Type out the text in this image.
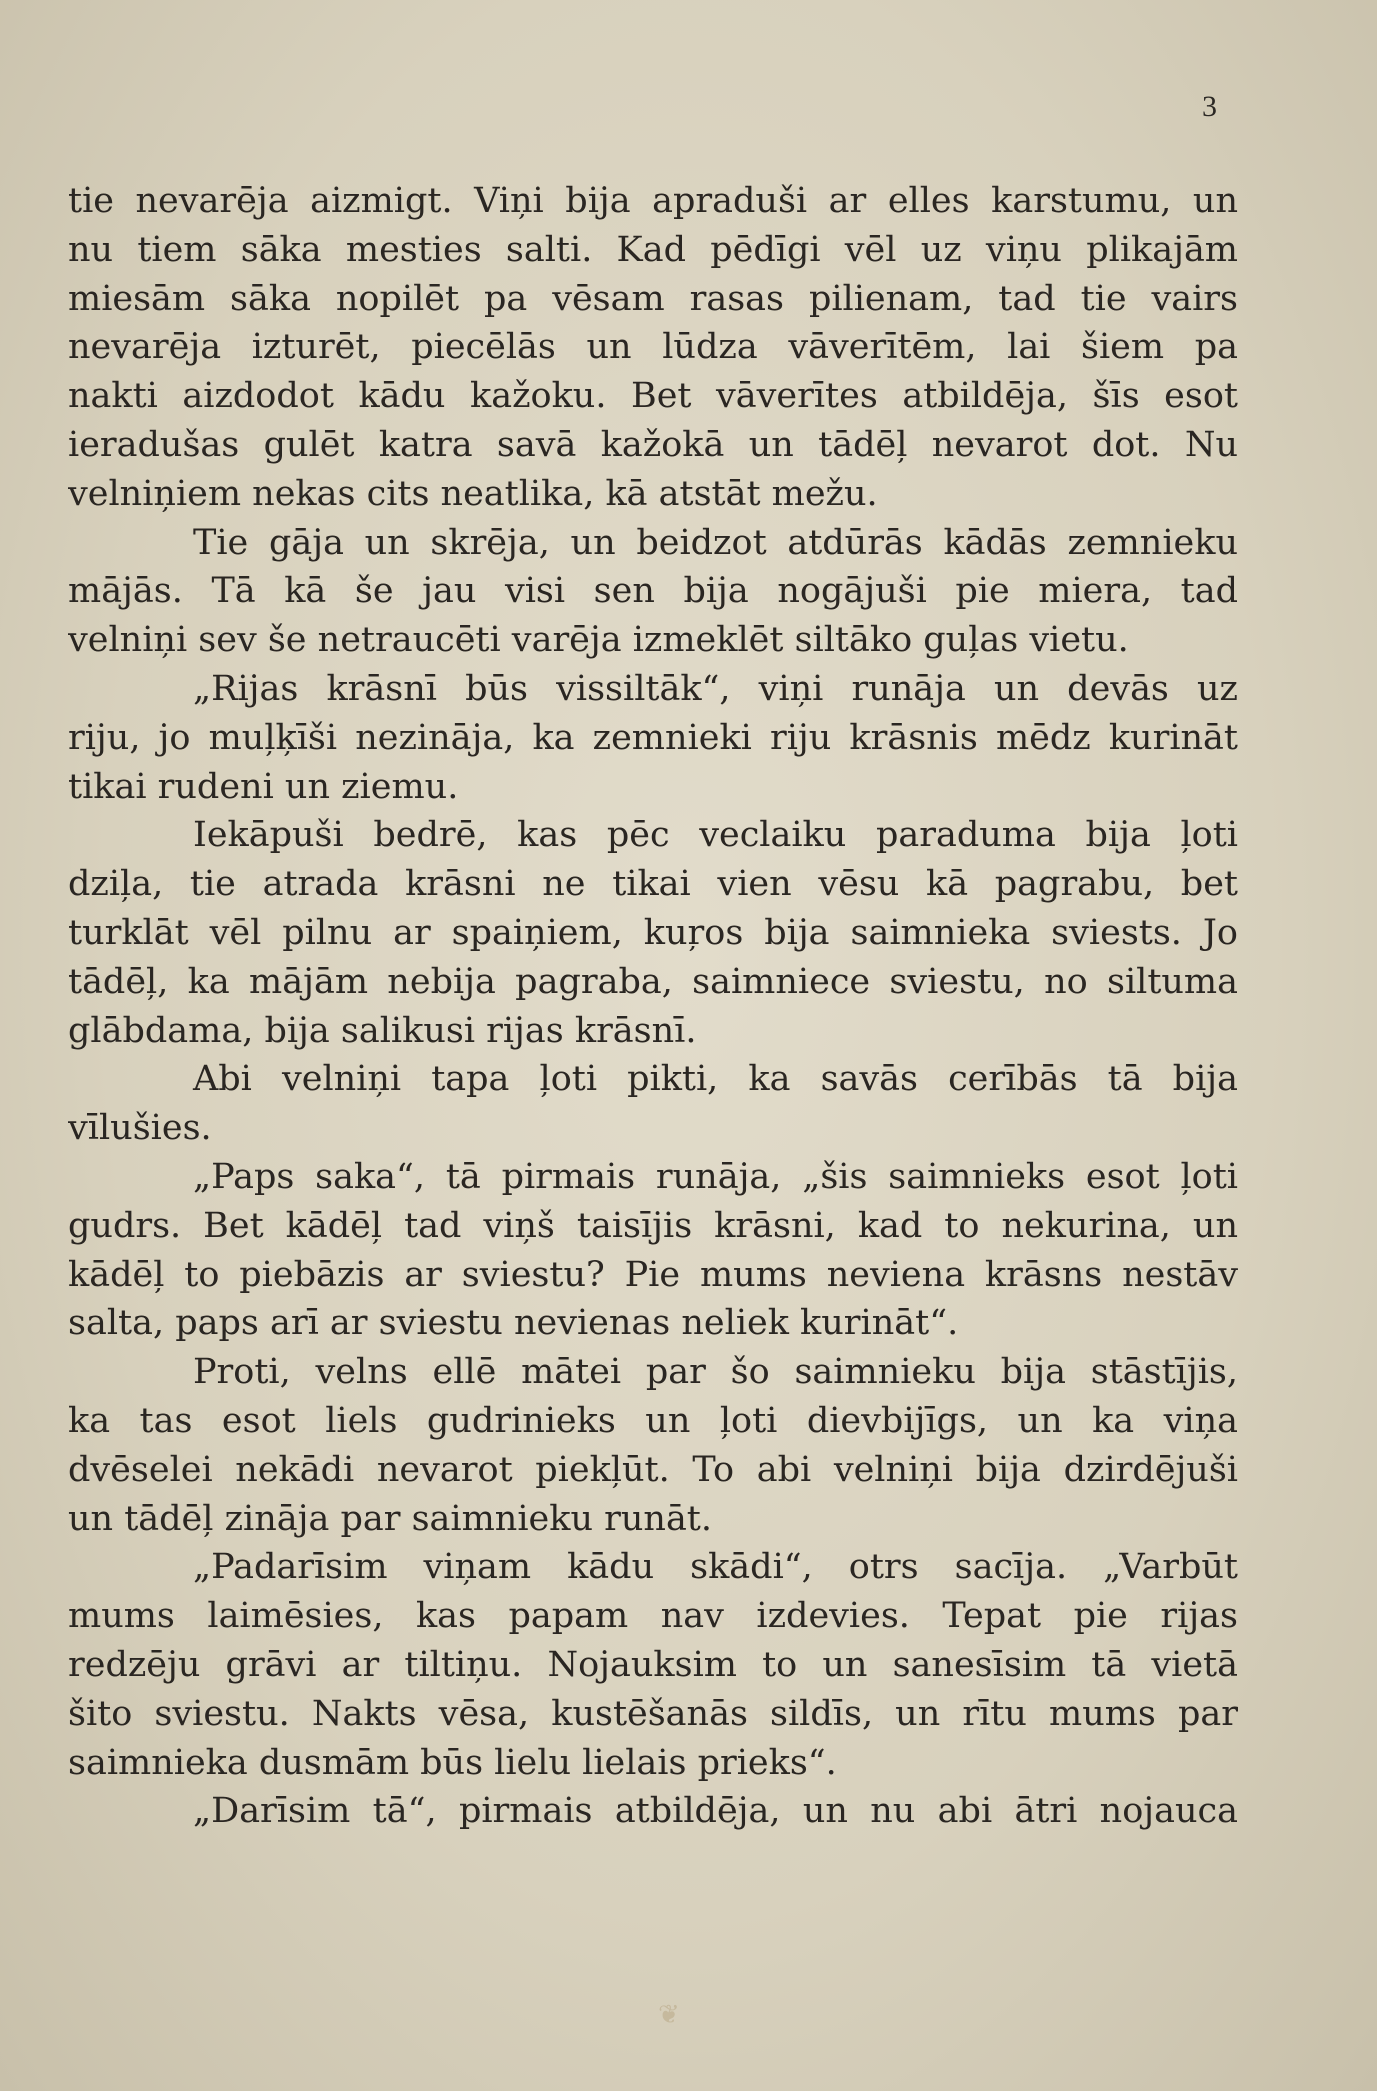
3
tie nevarēja aizmigt. Viņi bija apraduši ar elles karstumu, un
nu tiem sāka mesties salti. Kad pēdīgi vēl uz viņu plikajām
miesām sāka nopilēt pa vēsam rasas pilienam, tad tie vairs
nevarēja izturēt, piecēlās un lūdza vāverītēm, lai šiem pa
nakti aizdodot kādu kažoku. Bet vāverītes atbildēja, šīs esot
ieradušas gulēt katra savā kažokā un tādēļ nevarot dot. Nu
velniņiem nekas cits neatlika, kā atstāt mežu.
Tie gāja un skrēja, un beidzot atdūrās kādās zemnieku
mājās. Tā kā še jau visi sen bija nogājuši pie miera, tad
velniņi sev še netraucēti varēja izmeklēt siltāko guļas vietu.
„Rijas krāsnī būs vissiltāk“, viņi runāja un devās uz
riju, jo muļķīši nezināja, ka zemnieki riju krāsnis mēdz kurināt
tikai rudeni un ziemu.
Iekāpuši bedrē, kas pēc veclaiku paraduma bija ļoti
dziļa, tie atrada krāsni ne tikai vien vēsu kā pagrabu, bet
turklāt vēl pilnu ar spaiņiem, kuŗos bija saimnieka sviests. Jo
tādēļ, ka mājām nebija pagraba, saimniece sviestu, no siltuma
glābdama, bija salikusi rijas krāsnī.
Abi velniņi tapa ļoti pikti, ka savās cerībās tā bija
vīlušies.
„Paps saka“, tā pirmais runāja, „šis saimnieks esot ļoti
gudrs. Bet kādēļ tad viņš taisījis krāsni, kad to nekurina, un
kādēļ to piebāzis ar sviestu? Pie mums neviena krāsns nestāv
salta, paps arī ar sviestu nevienas neliek kurināt“.
Proti, velns ellē mātei par šo saimnieku bija stāstījis,
ka tas esot liels gudrinieks un ļoti dievbijīgs, un ka viņa
dvēselei nekādi nevarot piekļūt. To abi velniņi bija dzirdējuši
un tādēļ zināja par saimnieku runāt.
„Padarīsim viņam kādu skādi“, otrs sacīja. „Varbūt
mums laimēsies, kas papam nav izdevies. Tepat pie rijas
redzēju grāvi ar tiltiņu. Nojauksim to un sanesīsim tā vietā
šito sviestu. Nakts vēsa, kustēšanās sildīs, un rītu mums par
saimnieka dusmām būs lielu lielais prieks“.
„Darīsim tā“, pirmais atbildēja, un nu abi ātri nojauca
❦
